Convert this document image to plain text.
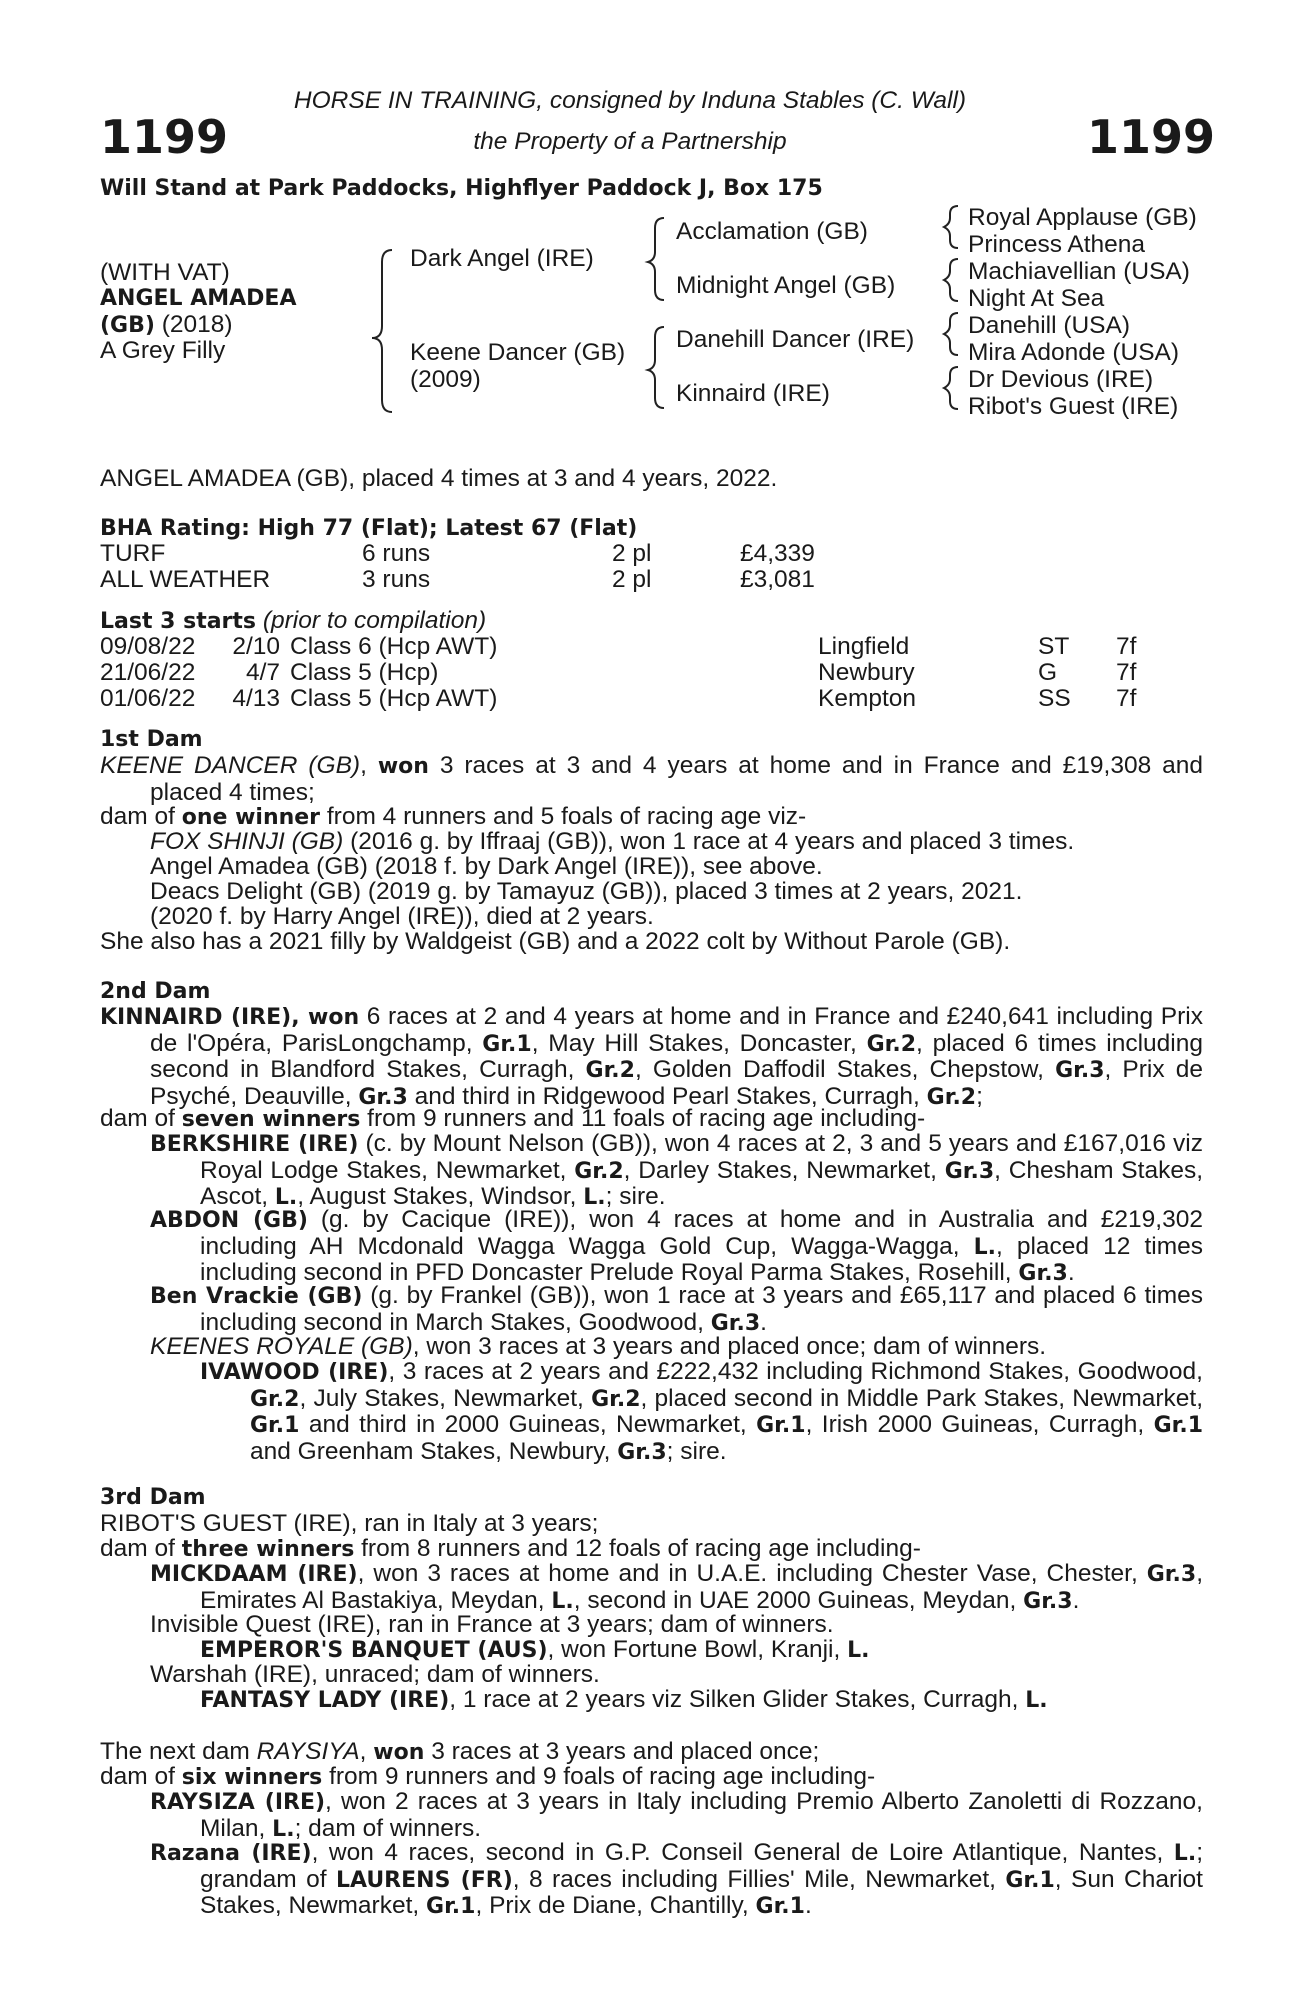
HORSE IN TRAINING, consigned by Induna Stables (C. Wall)
1199	the Property of a Partnership	1199
Will Stand at Park Paddocks, Highflyer Paddock J, Box 175
(WITH VAT)
ANGEL AMADEA
(GB) (2018)
A Grey Filly
Dark Angel (IRE)
Keene Dancer (GB)
(2009)
Acclamation (GB)
Midnight Angel (GB)
Danehill Dancer (IRE)
Kinnaird (IRE)
Royal Applause (GB)
Princess Athena
Machiavellian (USA)
Night At Sea
Danehill (USA)
Mira Adonde (USA)
Dr Devious (IRE)
Ribot's Guest (IRE)
ANGEL AMADEA (GB), placed 4 times at 3 and 4 years, 2022.
BHA Rating: High 77 (Flat); Latest 67 (Flat)
TURF	6 runs	2 pl	£4,339
ALL WEATHER	3 runs	2 pl	£3,081
Last 3 starts (prior to compilation)
09/08/22	2/10 Class 6 (Hcp AWT)	Lingfield	ST 7f
21/06/22	4/7 Class 5 (Hcp)	Newbury	G 7f
01/06/22	4/13 Class 5 (Hcp AWT)	Kempton	SS 7f
1st Dam
KEENE DANCER (GB), won 3 races at 3 and 4 years at home and in France and £19,308 and placed 4 times;
dam of one winner from 4 runners and 5 foals of racing age viz-
FOX SHINJI (GB) (2016 g. by Iffraaj (GB)), won 1 race at 4 years and placed 3 times.
Angel Amadea (GB) (2018 f. by Dark Angel (IRE)), see above.
Deacs Delight (GB) (2019 g. by Tamayuz (GB)), placed 3 times at 2 years, 2021.
(2020 f. by Harry Angel (IRE)), died at 2 years.
She also has a 2021 filly by Waldgeist (GB) and a 2022 colt by Without Parole (GB).
2nd Dam
KINNAIRD (IRE), won 6 races at 2 and 4 years at home and in France and £240,641 including Prix de l'Opéra, ParisLongchamp, Gr.1, May Hill Stakes, Doncaster, Gr.2, placed 6 times including second in Blandford Stakes, Curragh, Gr.2, Golden Daffodil Stakes, Chepstow, Gr.3, Prix de Psyché, Deauville, Gr.3 and third in Ridgewood Pearl Stakes, Curragh, Gr.2;
dam of seven winners from 9 runners and 11 foals of racing age including-
BERKSHIRE (IRE) (c. by Mount Nelson (GB)), won 4 races at 2, 3 and 5 years and £167,016 viz Royal Lodge Stakes, Newmarket, Gr.2, Darley Stakes, Newmarket, Gr.3, Chesham Stakes, Ascot, L., August Stakes, Windsor, L.; sire.
ABDON (GB) (g. by Cacique (IRE)), won 4 races at home and in Australia and £219,302 including AH Mcdonald Wagga Wagga Gold Cup, Wagga-Wagga, L., placed 12 times including second in PFD Doncaster Prelude Royal Parma Stakes, Rosehill, Gr.3.
Ben Vrackie (GB) (g. by Frankel (GB)), won 1 race at 3 years and £65,117 and placed 6 times including second in March Stakes, Goodwood, Gr.3.
KEENES ROYALE (GB), won 3 races at 3 years and placed once; dam of winners.
IVAWOOD (IRE), 3 races at 2 years and £222,432 including Richmond Stakes, Goodwood, Gr.2, July Stakes, Newmarket, Gr.2, placed second in Middle Park Stakes, Newmarket, Gr.1 and third in 2000 Guineas, Newmarket, Gr.1, Irish 2000 Guineas, Curragh, Gr.1 and Greenham Stakes, Newbury, Gr.3; sire.
3rd Dam
RIBOT'S GUEST (IRE), ran in Italy at 3 years;
dam of three winners from 8 runners and 12 foals of racing age including-
MICKDAAM (IRE), won 3 races at home and in U.A.E. including Chester Vase, Chester, Gr.3, Emirates Al Bastakiya, Meydan, L., second in UAE 2000 Guineas, Meydan, Gr.3.
Invisible Quest (IRE), ran in France at 3 years; dam of winners.
EMPEROR'S BANQUET (AUS), won Fortune Bowl, Kranji, L.
Warshah (IRE), unraced; dam of winners.
FANTASY LADY (IRE), 1 race at 2 years viz Silken Glider Stakes, Curragh, L.
The next dam RAYSIYA, won 3 races at 3 years and placed once;
dam of six winners from 9 runners and 9 foals of racing age including-
RAYSIZA (IRE), won 2 races at 3 years in Italy including Premio Alberto Zanoletti di Rozzano, Milan, L.; dam of winners.
Razana (IRE), won 4 races, second in G.P. Conseil General de Loire Atlantique, Nantes, L.; grandam of LAURENS (FR), 8 races including Fillies' Mile, Newmarket, Gr.1, Sun Chariot Stakes, Newmarket, Gr.1, Prix de Diane, Chantilly, Gr.1.
